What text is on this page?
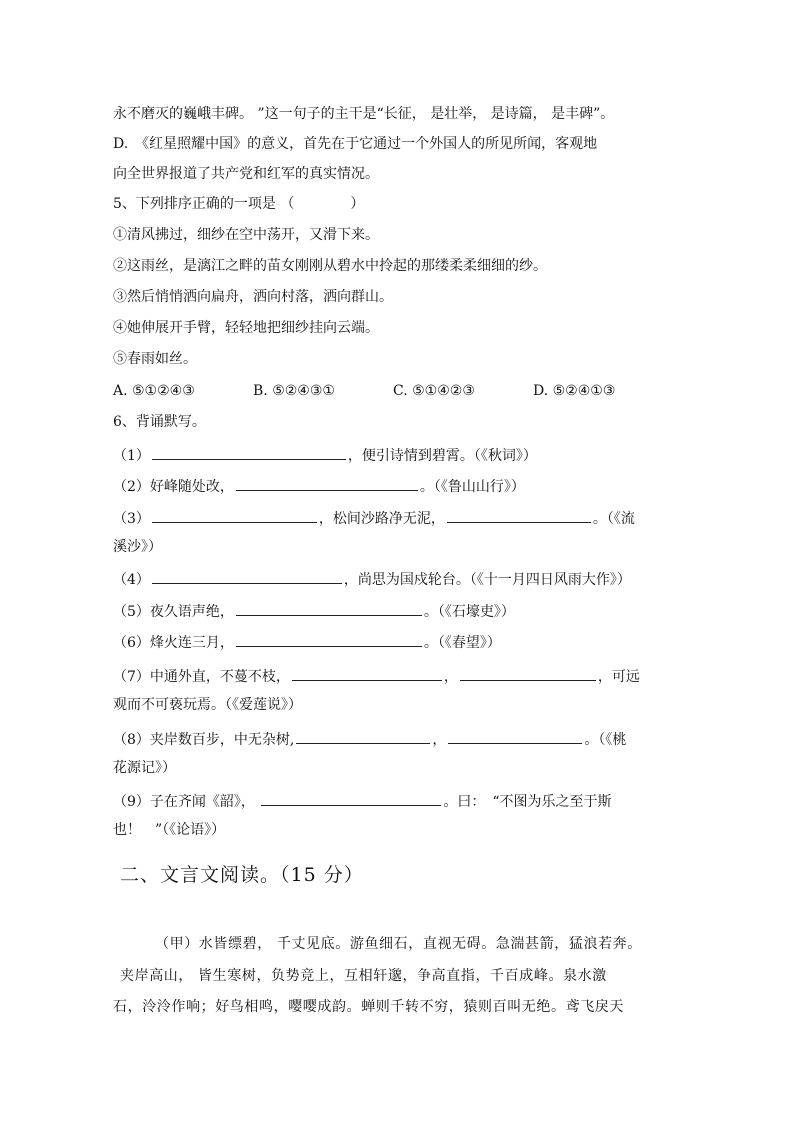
永不磨灭的巍峨丰碑。 ”这一句子的主干是“长征， 是壮举， 是诗篇， 是丰碑”。
D.　《红星照耀中国》的意义，首先在于它通过一个外国人的所见所闻，客观地
向全世界报道了共产党和红军的真实情况。
5、下列排序正确的一项是 （　　　　）
①清风拂过，细纱在空中荡开，又滑下来。
②这雨丝，是漓江之畔的苗女刚刚从碧水中拎起的那缕柔柔细细的纱。
③然后悄悄洒向扁舟，洒向村落，洒向群山。
④她伸展开手臂，轻轻地把细纱挂向云端。
⑤春雨如丝。
A. ⑤①②④③	B. ⑤②④③①	C. ⑤①④②③	D. ⑤②④①③
6、背诵默写。
（1）	，便引诗情到碧霄。（《秋词》）
（2）好峰随处改，	。（《鲁山山行》）
（3）	，松间沙路净无泥，	。（《流
溪沙》）
（4）	，尚思为国戍轮台。（《十一月四日风雨大作》）
（5）夜久语声绝，	。（《石壕吏》）
（6）烽火连三月，	。（《春望》）
（7）中通外直，不蔓不枝，	，	，可远
观而不可亵玩焉。（《爱莲说》）
（8）夹岸数百步，中无杂树,	，	。（《桃
花源记》）
（9）子在齐闻《韶》，	。曰：　“不图为乐之至于斯
也！　”（《论语》）
二、文言文阅读。（15 分）
（甲）水皆缥碧， 千丈见底。游鱼细石，直视无碍。急湍甚箭，猛浪若奔。
夹岸高山， 皆生寒树，负势竞上，互相轩邈，争高直指，千百成峰。泉水激
石，泠泠作响；好鸟相鸣，嘤嘤成韵。蝉则千转不穷，猿则百叫无绝。鸢飞戾天
